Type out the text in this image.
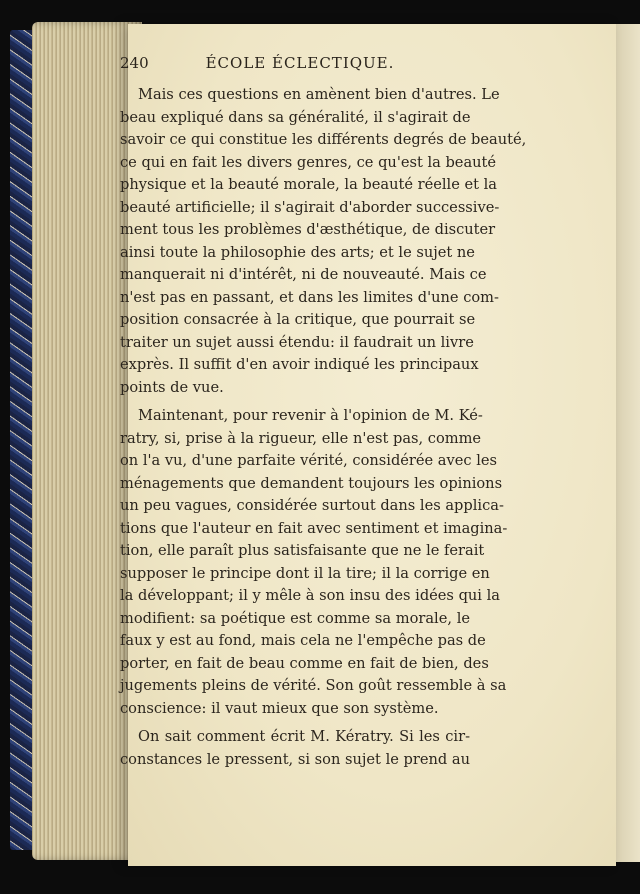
240	ÉCOLE ÉCLECTIQUE.
Mais ces questions en amènent bien d'autres. Le
beau expliqué dans sa généralité, il s'agirait de
savoir ce qui constitue les différents degrés de beauté,
ce qui en fait les divers genres, ce qu'est la beauté
physique et la beauté morale, la beauté réelle et la
beauté artificielle; il s'agirait d'aborder successive-
ment tous les problèmes d'æsthétique, de discuter
ainsi toute la philosophie des arts; et le sujet ne
manquerait ni d'intérêt, ni de nouveauté. Mais ce
n'est pas en passant, et dans les limites d'une com-
position consacrée à la critique, que pourrait se
traiter un sujet aussi étendu: il faudrait un livre
exprès. Il suffit d'en avoir indiqué les principaux
points de vue.
Maintenant, pour revenir à l'opinion de M. Ké-
ratry, si, prise à la rigueur, elle n'est pas, comme
on l'a vu, d'une parfaite vérité, considérée avec les
ménagements que demandent toujours les opinions
un peu vagues, considérée surtout dans les applica-
tions que l'auteur en fait avec sentiment et imagina-
tion, elle paraît plus satisfaisante que ne le ferait
supposer le principe dont il la tire; il la corrige en
la développant; il y mêle à son insu des idées qui la
modifient: sa poétique est comme sa morale, le
faux y est au fond, mais cela ne l'empêche pas de
porter, en fait de beau comme en fait de bien, des
jugements pleins de vérité. Son goût ressemble à sa
conscience: il vaut mieux que son système.
On sait comment écrit M. Kératry. Si les cir-
constances le pressent, si son sujet le prend au
